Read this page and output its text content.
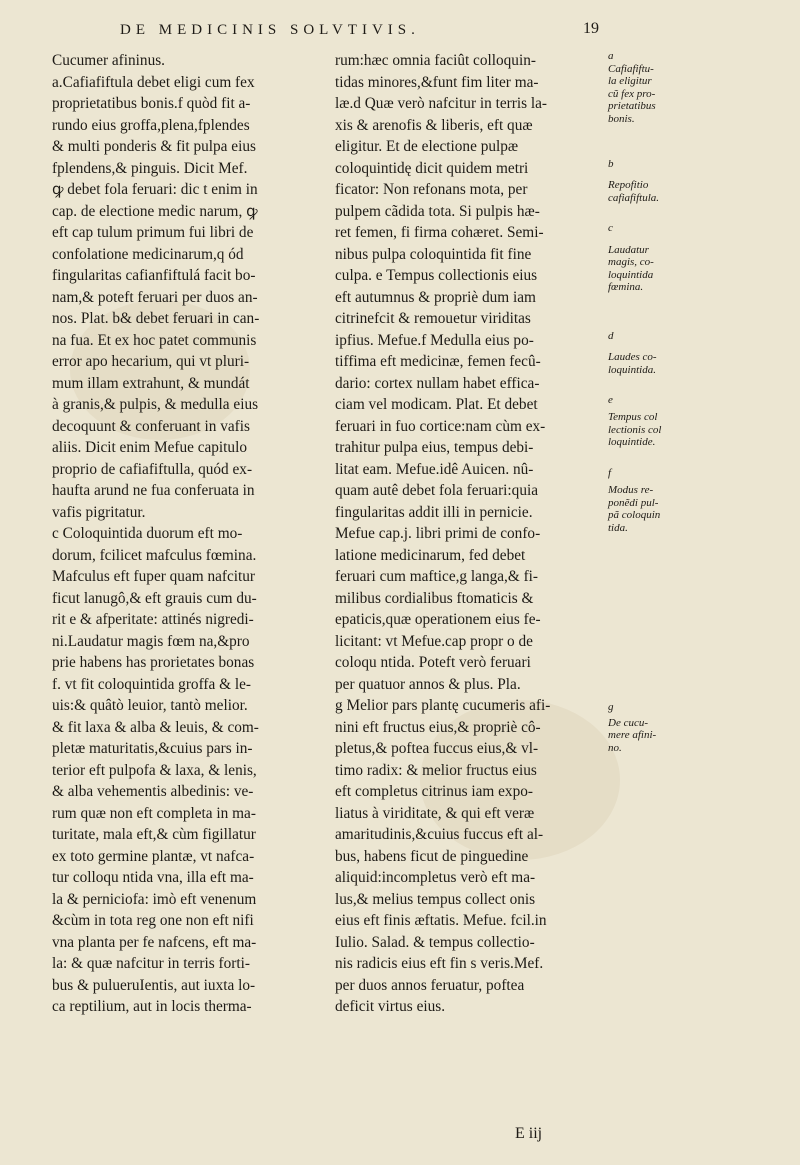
DE MEDICINIS SOLVTIVIS.	19
Cucumer afininus.
a.Cafiafiftula debet eligi cum fex
proprietatibus bonis.f quòd fit a-
rundo eius groffa,plena,fplendes
& multi ponderis & fit pulpa eius
fplendens,& pinguis. Dicit Mef.
ꝙ debet fola feruari: dic t enim in
cap. de electione medic narum, ꝙ
eft cap tulum primum fui libri de
confolatione medicinarum,q ód
fingularitas cafianfiftulá facit bo-
nam,& poteft feruari per duos an-
nos. Plat. b& debet feruari in can-
na fua. Et ex hoc patet communis
error apo hecarium, qui vt pluri-
mum illam extrahunt, & mundát
à granis,& pulpis, & medulla eius
decoquunt & conferuant in vafis
aliis. Dicit enim Mefue capitulo
proprio de cafiafiftulla, quód ex-
haufta arund ne fua conferuata in
vafis pigritatur.
c Coloquintida duorum eft mo-
dorum, fcilicet mafculus fœmina.
Mafculus eft fuper quam nafcitur
ficut lanugô,& eft grauis cum du-
rit e & afperitate: attinés nigredi-
ni.Laudatur magis fœm na,&pro
prie habens has prorietates bonas
f. vt fit coloquintida groffa & le-
uis:& quâtò leuior, tantò melior.
& fit laxa & alba & leuis, & com-
pletæ maturitatis,&cuius pars in-
terior eft pulpofa & laxa, & lenis,
& alba vehementis albedinis: ve-
rum quæ non eft completa in ma-
turitate, mala eft,& cùm figillatur
ex toto germine plantæ, vt nafca-
tur colloqu ntida vna, illa eft ma-
la & perniciofa: imò eft venenum
&cùm in tota reg one non eft nifi
vna planta per fe nafcens, eft ma-
la: & quæ nafcitur in terris forti-
bus & pulueruIentis, aut iuxta lo-
ca reptilium, aut in locis therma-
rum:hæc omnia faciût colloquin-
tidas minores,&funt fim liter ma-
læ.d Quæ verò nafcitur in terris la-
xis & arenofis & liberis, eft quæ
eligitur. Et de electione pulpæ
coloquintidę dicit quidem metri
ficator: Non refonans mota, per
pulpem cãdida tota. Si pulpis hæ-
ret femen, fi firma cohæret. Semi-
nibus pulpa coloquintida fit fine
culpa. e Tempus collectionis eius
eft autumnus & propriè dum iam
citrinefcit & remouetur viriditas
ipfius. Mefue.f Medulla eius po-
tiffima eft medicinæ, femen fecû-
dario: cortex nullam habet effica-
ciam vel modicam. Plat. Et debet
feruari in fuo cortice:nam cùm ex-
trahitur pulpa eius, tempus debi-
litat eam. Mefue.idê Auicen. nû-
quam autê debet fola feruari:quia
fingularitas addit illi in pernicie.
Mefue cap.j. libri primi de confo-
latione medicinarum, fed debet
feruari cum maftice,g langa,& fi-
milibus cordialibus ftomaticis &
epaticis,quæ operationem eius fe-
licitant: vt Mefue.cap propr o de
coloqu ntida. Poteft verò feruari
per quatuor annos & plus. Pla.
g Melior pars plantę cucumeris afi-
nini eft fructus eius,& propriè cô-
pletus,& poftea fuccus eius,& vl-
timo radix: & melior fructus eius
eft completus citrinus iam expo-
liatus à viriditate, & qui eft veræ
amaritudinis,&cuius fuccus eft al-
bus, habens ficut de pinguedine
aliquid:incompletus verò eft ma-
lus,& melius tempus collect onis
eius eft finis æftatis. Mefue. fcil.in
Iulio. Salad. & tempus collectio-
nis radicis eius eft fin s veris.Mef.
per duos annos feruatur, poftea
deficit virtus eius.
a
Cafiafiftu-
la eligitur
cũ fex pro-
prietatibus
bonis.
b
Repofitio
cafiafiftula.
c
Laudatur
magis, co-
loquintida
fœmina.
d
Laudes co-
loquintida.
e
Tempus col
lectionis col
loquintide.
f
Modus re-
ponẽdi pul-
pã coloquin
tida.
g
De cucu-
mere afini-
no.
E iij
